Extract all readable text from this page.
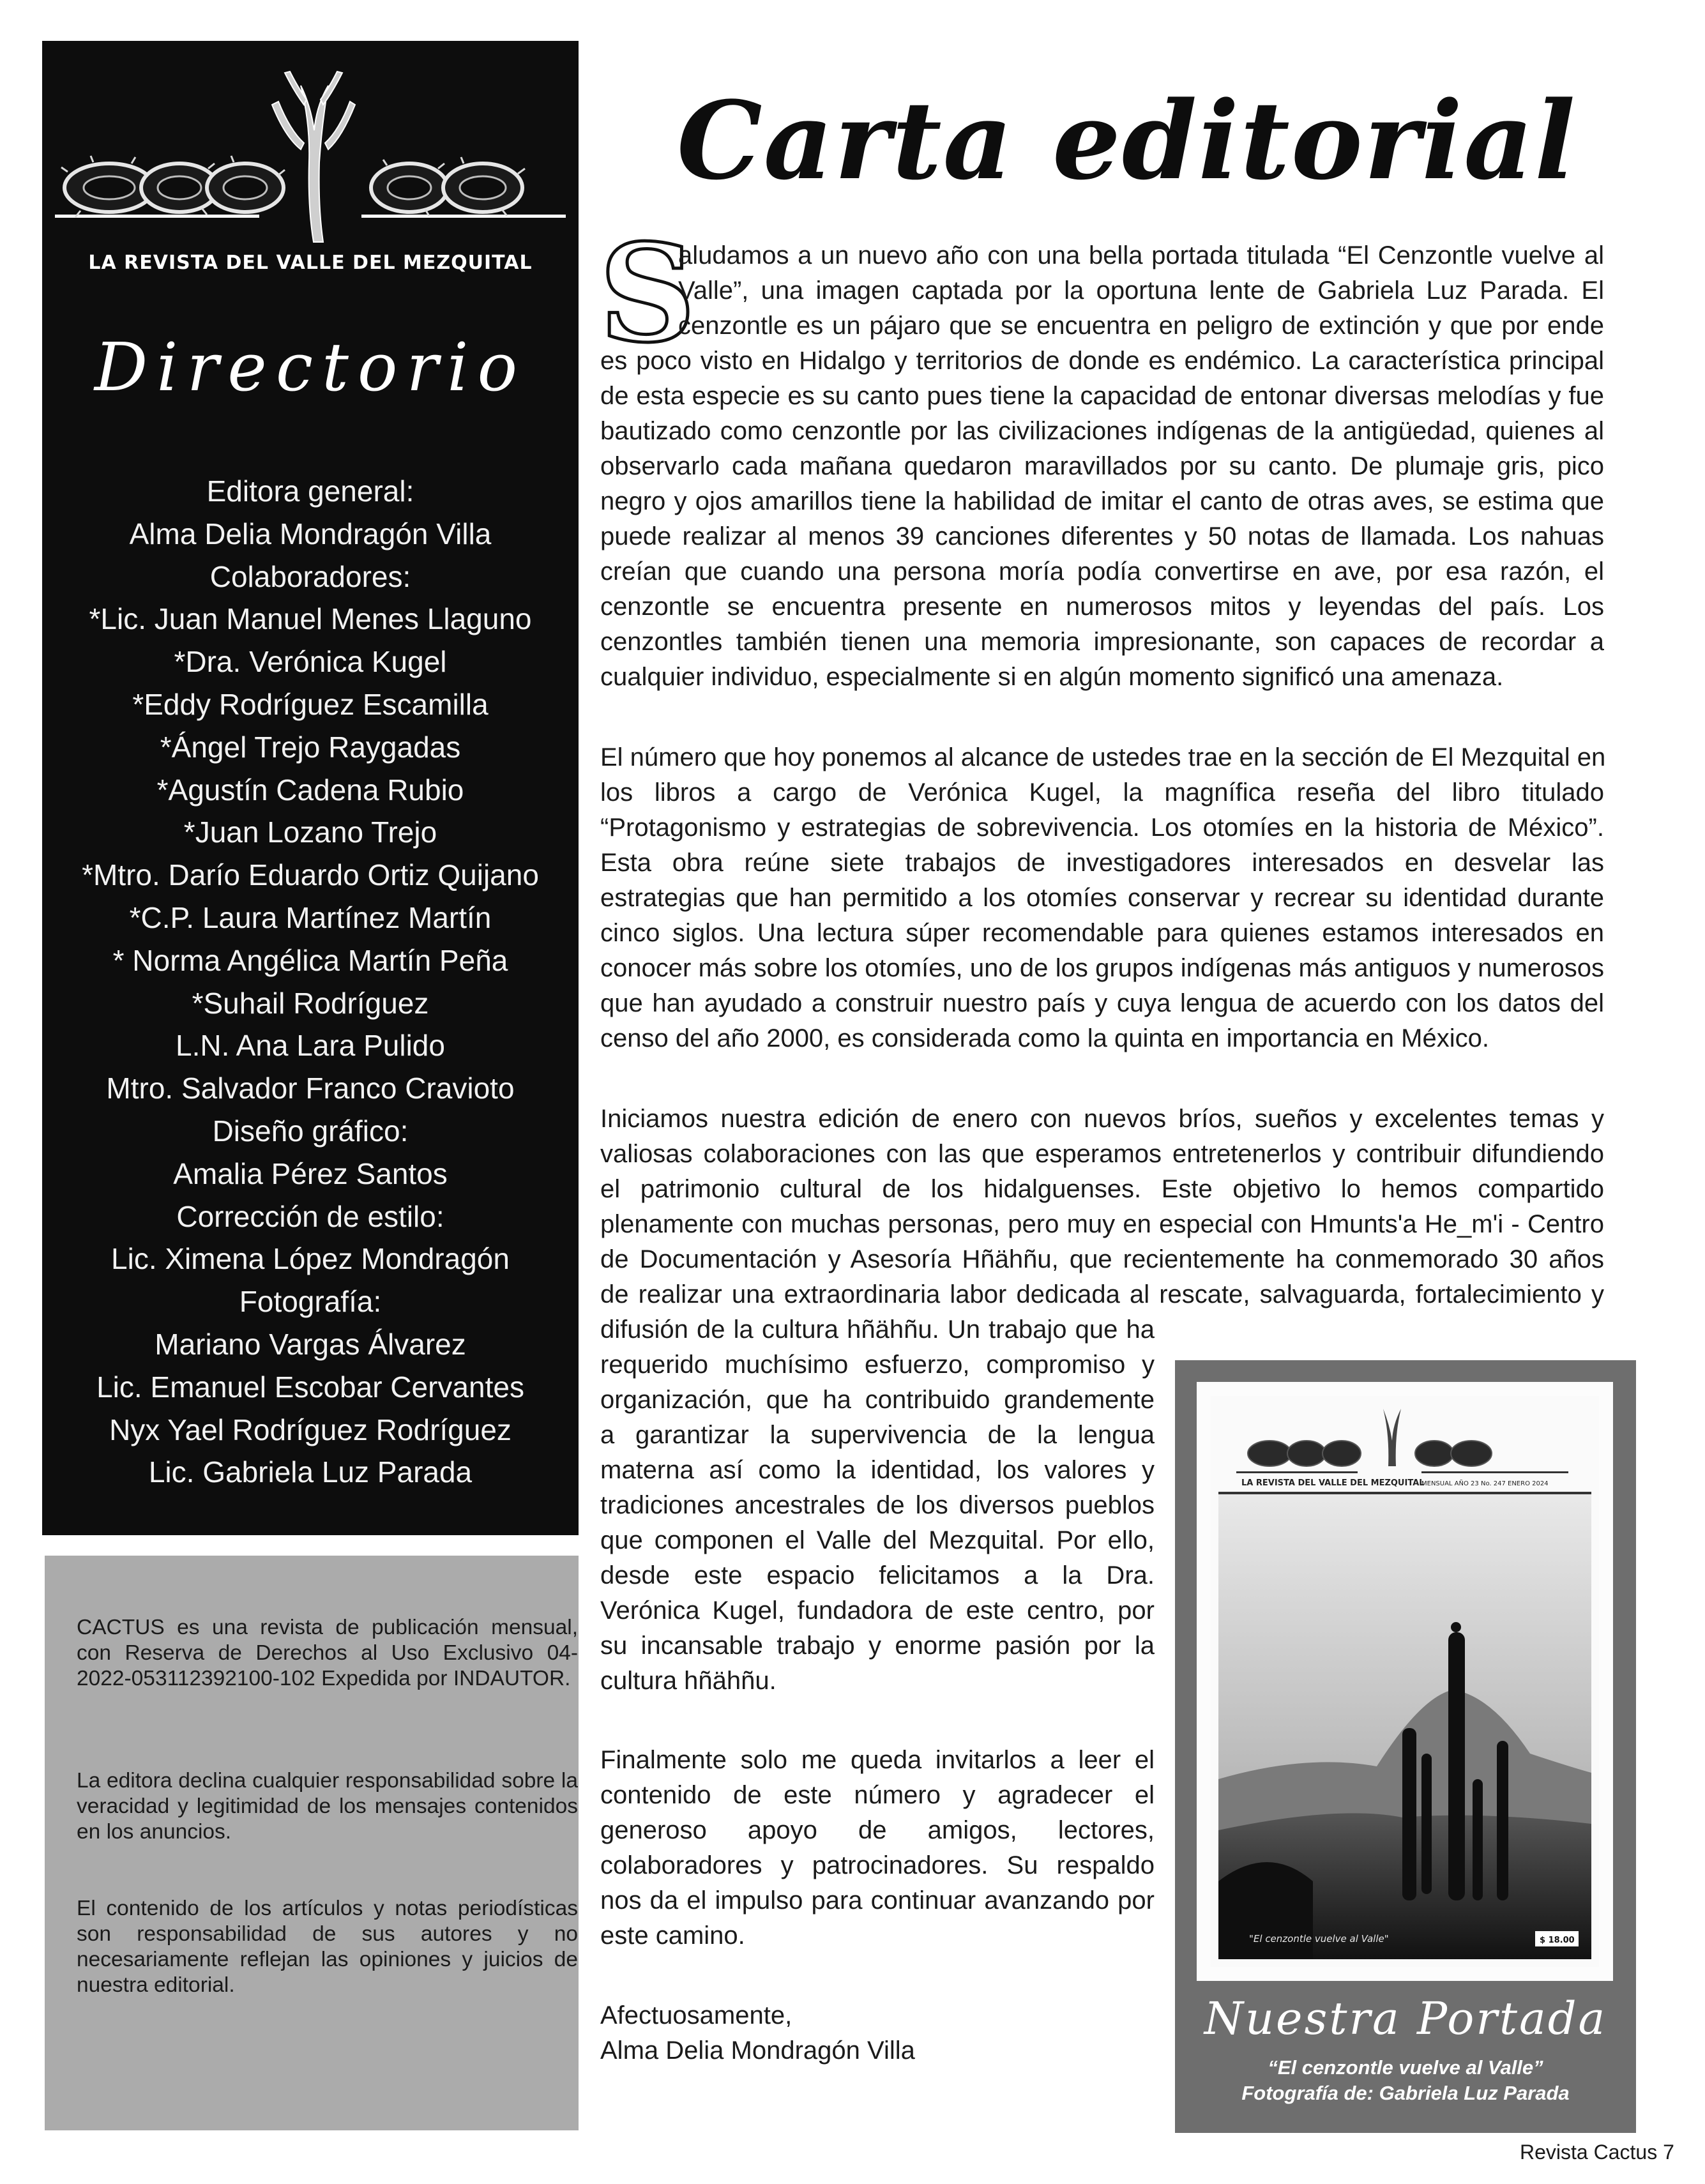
LA REVISTA DEL VALLE DEL MEZQUITAL
Directorio
Editora general:
Alma Delia Mondragón Villa
Colaboradores:
*Lic. Juan Manuel Menes Llaguno
*Dra. Verónica Kugel
*Eddy Rodríguez Escamilla
*Ángel Trejo Raygadas
*Agustín Cadena Rubio
*Juan Lozano Trejo
*Mtro. Darío Eduardo Ortiz Quijano
*C.P. Laura Martínez Martín
* Norma Angélica Martín Peña
*Suhail Rodríguez
L.N. Ana Lara Pulido
Mtro. Salvador Franco Cravioto
Diseño gráfico:
Amalia Pérez Santos
Corrección de estilo:
Lic. Ximena López Mondragón
Fotografía:
Mariano Vargas Álvarez
Lic. Emanuel Escobar Cervantes
Nyx Yael Rodríguez Rodríguez
Lic. Gabriela Luz Parada

CACTUS es una revista de publicación mensual, con Reserva de Derechos al Uso Exclusivo 04-2022-053112392100-102 Expedida por INDAUTOR.

La editora declina cualquier responsabilidad sobre la veracidad y legitimidad de los mensajes contenidos en los anuncios.

El contenido de los artículos y notas periodísticas son responsabilidad de sus autores y no necesariamente reflejan las opiniones y juicios de nuestra editorial.

Carta editorial
S
aludamos a un nuevo año con una bella portada titulada “El Cenzontle vuelve al
Valle”, una imagen captada por la oportuna lente de Gabriela Luz Parada. El
cenzontle es un pájaro que se encuentra en peligro de extinción y que por ende
es poco visto en Hidalgo y territorios de donde es endémico. La característica principal
de esta especie es su canto pues tiene la capacidad de entonar diversas melodías y fue
bautizado como cenzontle por las civilizaciones indígenas de la antigüedad, quienes al
observarlo cada mañana quedaron maravillados por su canto. De plumaje gris, pico
negro y ojos amarillos tiene la habilidad de imitar el canto de otras aves, se estima que
puede realizar al menos 39 canciones diferentes y 50 notas de llamada. Los nahuas
creían que cuando una persona moría podía convertirse en ave, por esa razón, el
cenzontle se encuentra presente en numerosos mitos y leyendas del país. Los
cenzontles también tienen una memoria impresionante, son capaces de recordar a
cualquier individuo, especialmente si en algún momento significó una amenaza.
El número que hoy ponemos al alcance de ustedes trae en la sección de El Mezquital en
los libros a cargo de Verónica Kugel, la magnífica reseña del libro titulado
“Protagonismo y estrategias de sobrevivencia. Los otomíes en la historia de México”.
Esta obra reúne siete trabajos de investigadores interesados en desvelar las
estrategias que han permitido a los otomíes conservar y recrear su identidad durante
cinco siglos. Una lectura súper recomendable para quienes estamos interesados en
conocer más sobre los otomíes, uno de los grupos indígenas más antiguos y numerosos
que han ayudado a construir nuestro país y cuya lengua de acuerdo con los datos del
censo del año 2000, es considerada como la quinta en importancia en México.
Iniciamos nuestra edición de enero con nuevos bríos, sueños y excelentes temas y
valiosas colaboraciones con las que esperamos entretenerlos y contribuir difundiendo
el patrimonio cultural de los hidalguenses. Este objetivo lo hemos compartido
plenamente con muchas personas, pero muy en especial con Hmunts'a He_m'i - Centro
de Documentación y Asesoría Hñähñu, que recientemente ha conmemorado 30 años
de realizar una extraordinaria labor dedicada al rescate, salvaguarda, fortalecimiento y
difusión de la cultura hñähñu. Un trabajo que ha
requerido muchísimo esfuerzo, compromiso y
organización, que ha contribuido grandemente
a garantizar la supervivencia de la lengua
materna así como la identidad, los valores y
tradiciones ancestrales de los diversos pueblos
que componen el Valle del Mezquital. Por ello,
desde este espacio felicitamos a la Dra.
Verónica Kugel, fundadora de este centro, por
su incansable trabajo y enorme pasión por la
cultura hñähñu.
Finalmente solo me queda invitarlos a leer el
contenido de este número y agradecer el
generoso apoyo de amigos, lectores,
colaboradores y patrocinadores. Su respaldo
nos da el impulso para continuar avanzando por
este camino.
Afectuosamente,
Alma Delia Mondragón Villa
LA REVISTA DEL VALLE DEL MEZQUITAL
MENSUAL AÑO 23 No. 247 ENERO 2024
"El cenzontle vuelve al Valle"	$ 18.00
Nuestra Portada
“El cenzontle vuelve al Valle”
Fotografía de: Gabriela Luz Parada
Revista Cactus 7
